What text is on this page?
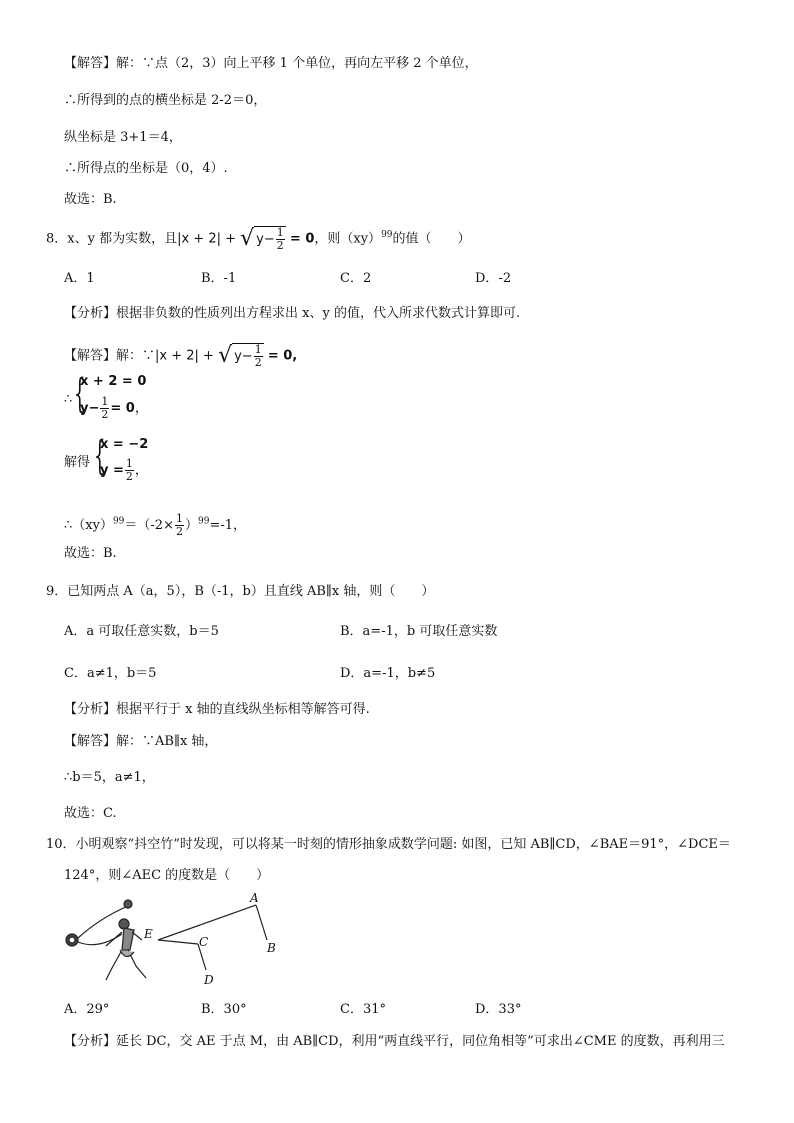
【解答】解：∵点（2，3）向上平移 1 个单位，再向左平移 2 个单位，
∴所得到的点的横坐标是 2-2＝0，
纵坐标是 3+1＝4，
∴所得点的坐标是（0，4）.
故选：B.
8．x、y 都为实数，且|x + 2| + √ $y- \frac{1}{2} = 0$，则（xy）$^{99}$的值（　　）
A．1	B．-1	C．2	D．-2
【分析】根据非负数的性质列出方程求出 x、y 的值，代入所求代数式计算即可.
【解答】解：∵|x + 2| + √ $y- \frac{1}{2} = 0$,
∴ {
x + 2 = 0
$y- \frac{1}{2} = 0$，
解得 {
x = −2
$y = \frac{1}{2}$ ，
∴（xy）$^{99}$＝（-2× $\frac{1}{2} )^{99}=-1$，
故选：B.
9．已知两点 A（a，5），B（-1，b）且直线 AB∥x 轴，则（　　）
A．a 可取任意实数，b＝5	B．a=-1，b 可取任意实数
C．a≠1，b＝5	D．a=-1，b≠5
【分析】根据平行于 x 轴的直线纵坐标相等解答可得.
【解答】解：∵AB∥x 轴，
∴b＝5，a≠1，
故选：C.
10．小明观察“抖空竹”时发现，可以将某一时刻的情形抽象成数学问题: 如图，已知 AB∥CD，∠BAE＝91°，∠DCE＝
124°，则∠AEC 的度数是（　　）
A
B
E
C
D
A．29°	B．30°	C．31°	D．33°
【分析】延长 DC，交 AE 于点 M，由 AB∥CD，利用“两直线平行，同位角相等”可求出∠CME 的度数，再利用三
